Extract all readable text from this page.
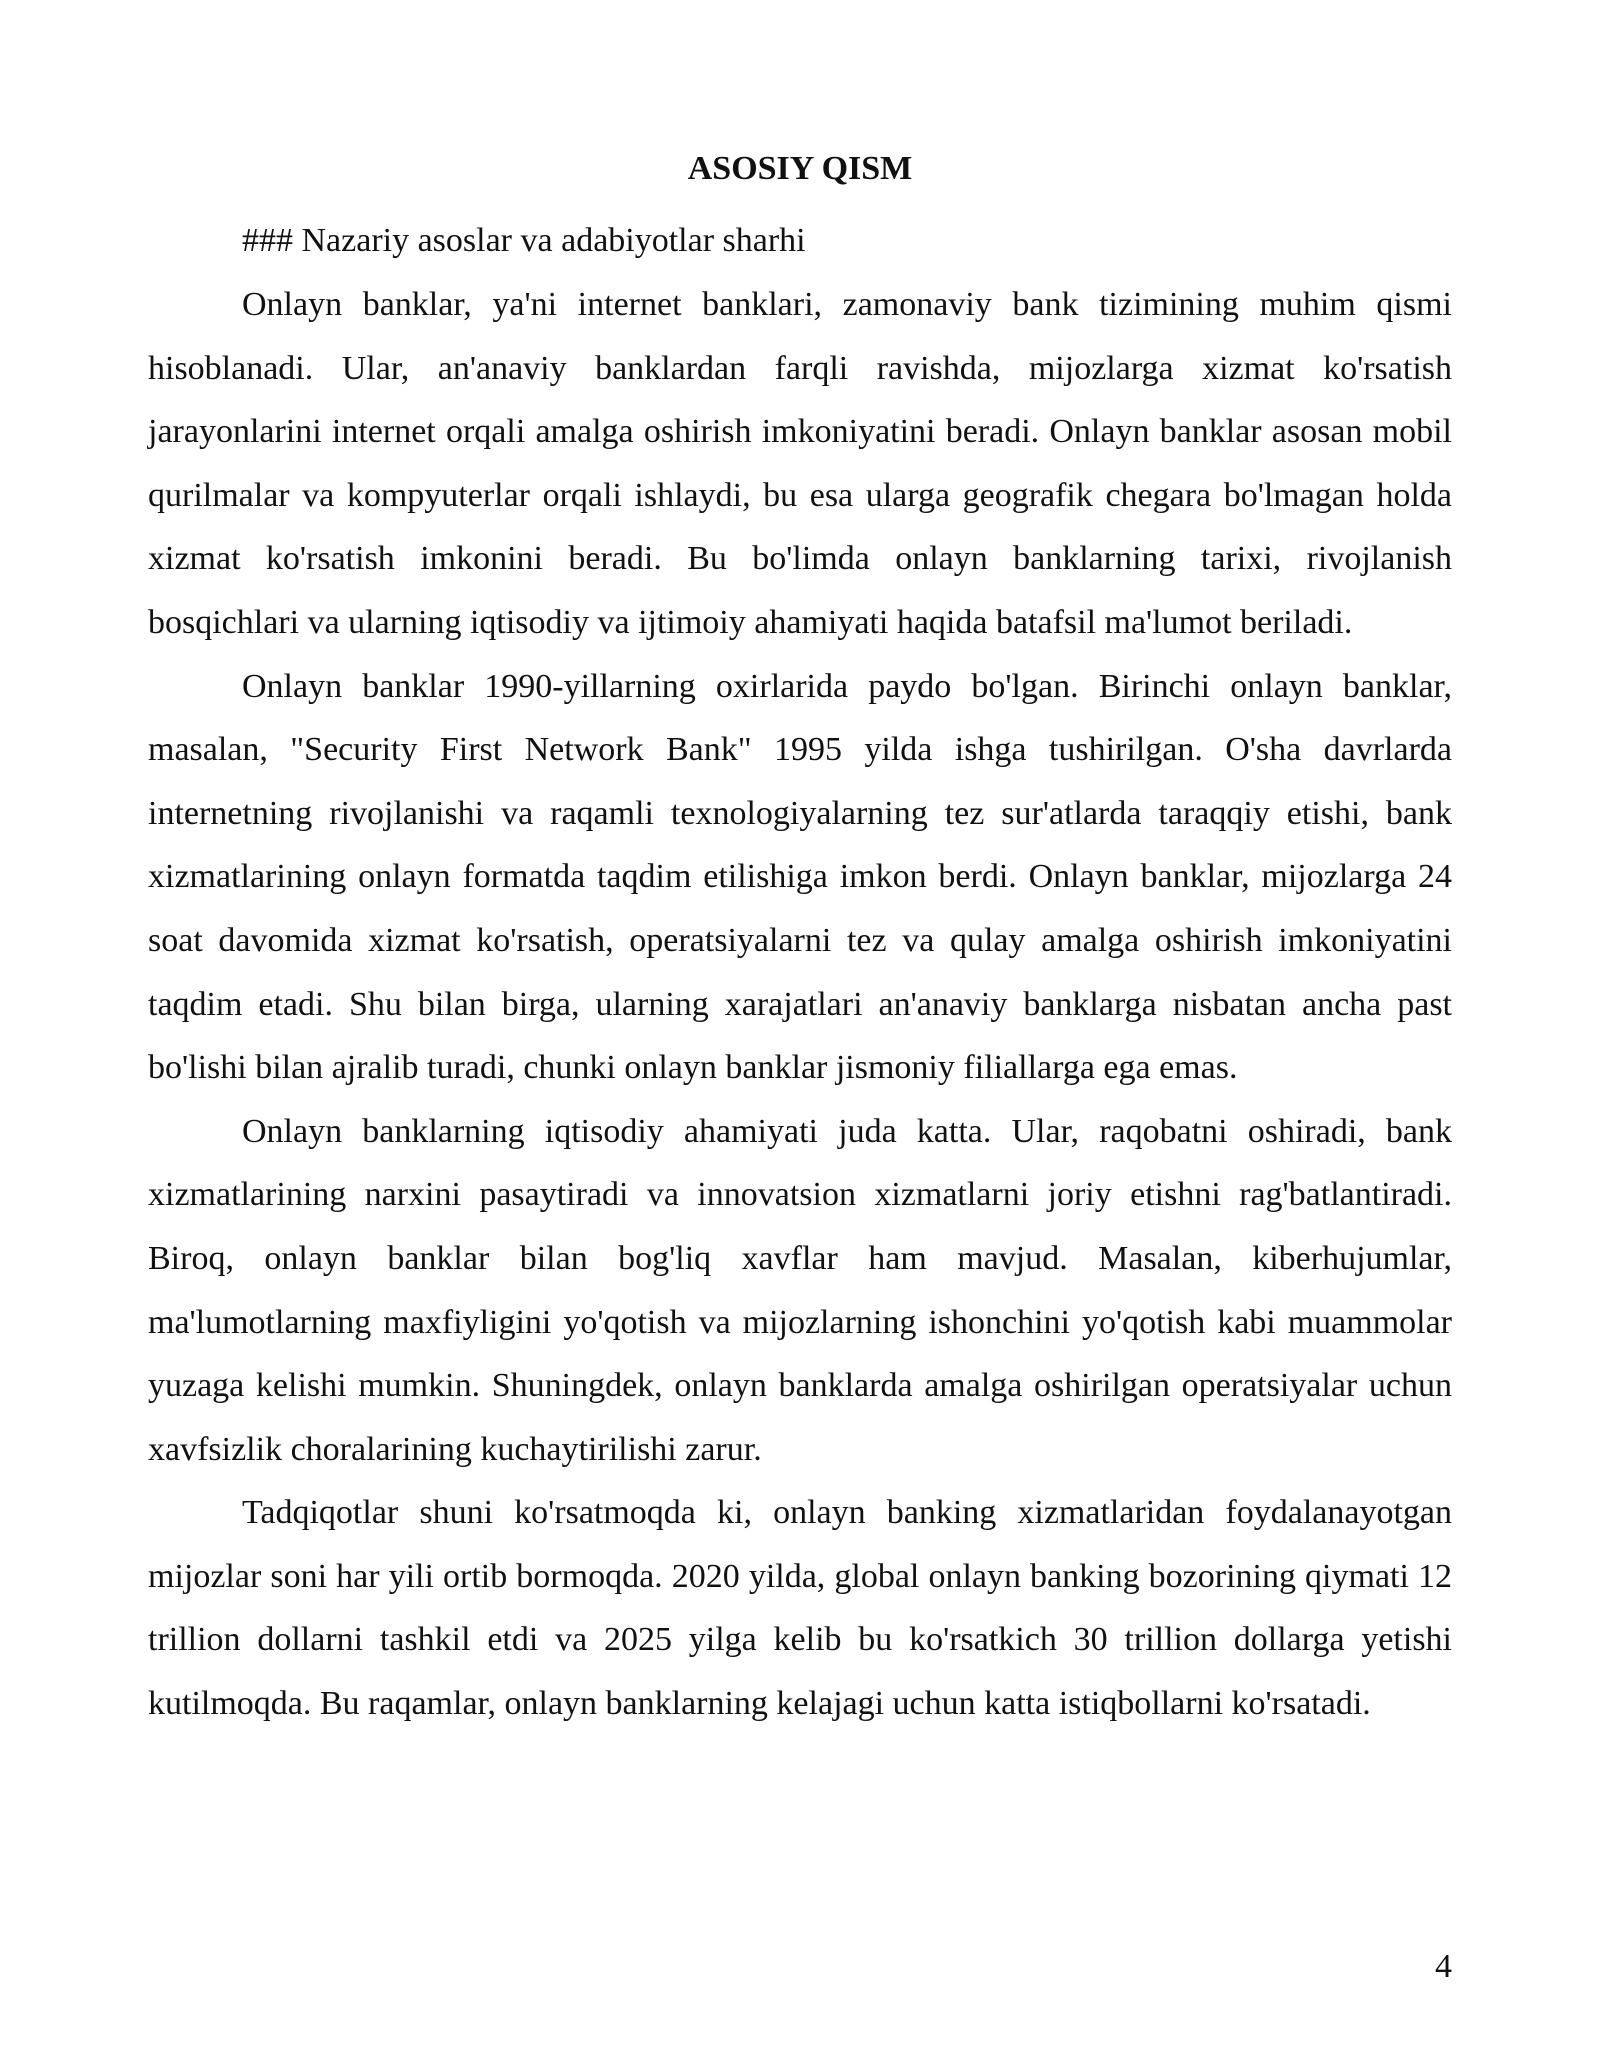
ASOSIY QISM

### Nazariy asoslar va adabiyotlar sharhi

Onlayn banklar, ya'ni internet banklari, zamonaviy bank tizimining muhim qismi hisoblanadi. Ular, an'anaviy banklardan farqli ravishda, mijozlarga xizmat ko'rsatish jarayonlarini internet orqali amalga oshirish imkoniyatini beradi. Onlayn banklar asosan mobil qurilmalar va kompyuterlar orqali ishlaydi, bu esa ularga geografik chegara bo'lmagan holda xizmat ko'rsatish imkonini beradi. Bu bo'limda onlayn banklarning tarixi, rivojlanish bosqichlari va ularning iqtisodiy va ijtimoiy ahamiyati haqida batafsil ma'lumot beriladi.

Onlayn banklar 1990-yillarning oxirlarida paydo bo'lgan. Birinchi onlayn banklar, masalan, "Security First Network Bank" 1995 yilda ishga tushirilgan. O'sha davrlarda internetning rivojlanishi va raqamli texnologiyalarning tez sur'atlarda taraqqiy etishi, bank xizmatlarining onlayn formatda taqdim etilishiga imkon berdi. Onlayn banklar, mijozlarga 24 soat davomida xizmat ko'rsatish, operatsiyalarni tez va qulay amalga oshirish imkoniyatini taqdim etadi. Shu bilan birga, ularning xarajatlari an'anaviy banklarga nisbatan ancha past bo'lishi bilan ajralib turadi, chunki onlayn banklar jismoniy filiallarga ega emas.

Onlayn banklarning iqtisodiy ahamiyati juda katta. Ular, raqobatni oshiradi, bank xizmatlarining narxini pasaytiradi va innovatsion xizmatlarni joriy etishni rag'batlantiradi. Biroq, onlayn banklar bilan bog'liq xavflar ham mavjud. Masalan, kiberhujumlar, ma'lumotlarning maxfiyligini yo'qotish va mijozlarning ishonchini yo'qotish kabi muammolar yuzaga kelishi mumkin. Shuningdek, onlayn banklarda amalga oshirilgan operatsiyalar uchun xavfsizlik choralarining kuchaytirilishi zarur.

Tadqiqotlar shuni ko'rsatmoqda ki, onlayn banking xizmatlaridan foydalanayotgan mijozlar soni har yili ortib bormoqda. 2020 yilda, global onlayn banking bozorining qiymati 12 trillion dollarni tashkil etdi va 2025 yilga kelib bu ko'rsatkich 30 trillion dollarga yetishi kutilmoqda. Bu raqamlar, onlayn banklarning kelajagi uchun katta istiqbollarni ko'rsatadi.

4
